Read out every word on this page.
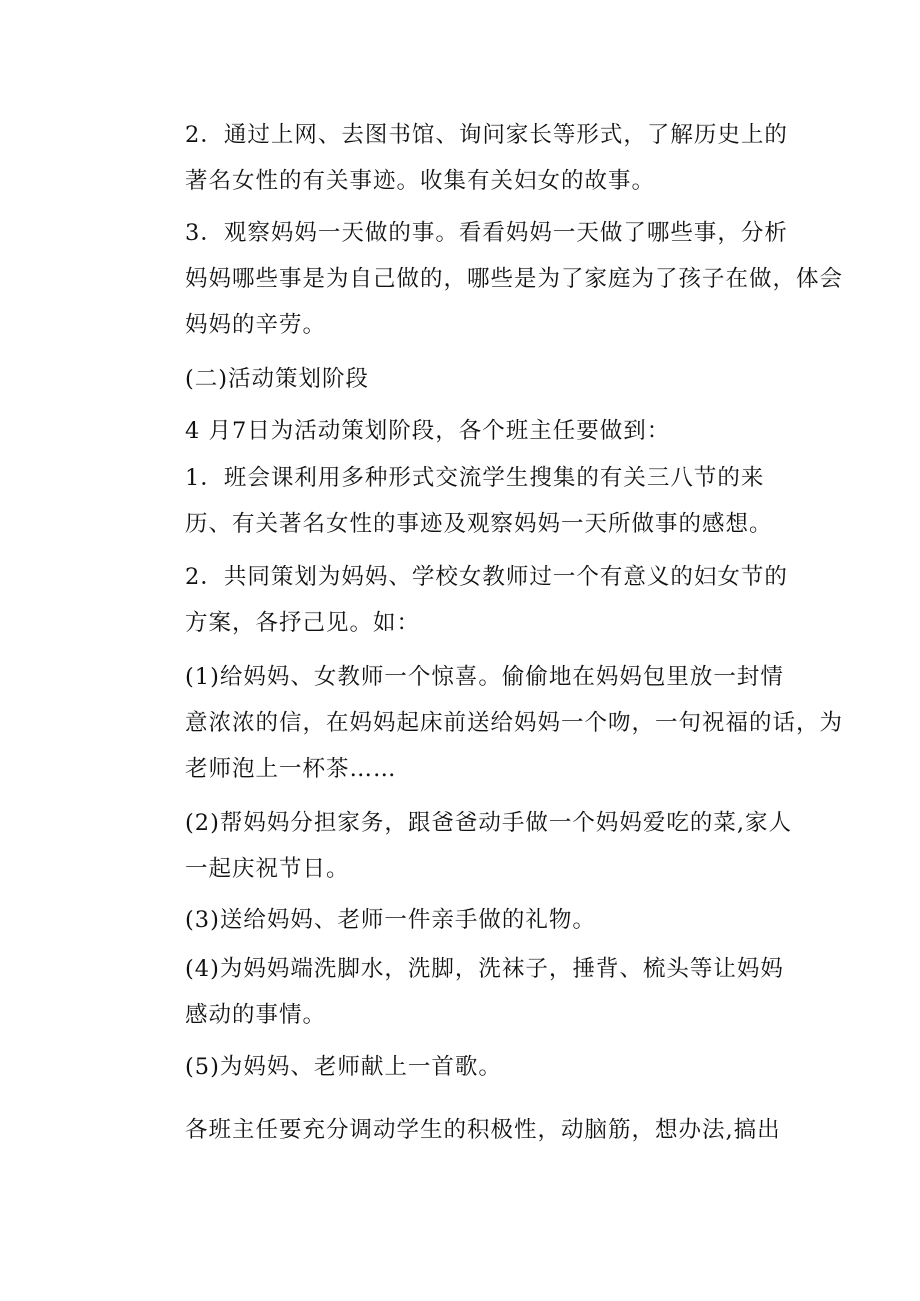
2．通过上网、去图书馆、询问家长等形式，了解历史上的
著名女性的有关事迹。收集有关妇女的故事。

3．观察妈妈一天做的事。看看妈妈一天做了哪些事，分析
妈妈哪些事是为自己做的，哪些是为了家庭为了孩子在做，体会
妈妈的辛劳。

(二)活动策划阶段

4 月7日为活动策划阶段，各个班主任要做到：

1．班会课利用多种形式交流学生搜集的有关三八节的来
历、有关著名女性的事迹及观察妈妈一天所做事的感想。

2．共同策划为妈妈、学校女教师过一个有意义的妇女节的
方案，各抒己见。如：

(1)给妈妈、女教师一个惊喜。偷偷地在妈妈包里放一封情
意浓浓的信，在妈妈起床前送给妈妈一个吻，一句祝福的话，为
老师泡上一杯茶……

(2)帮妈妈分担家务，跟爸爸动手做一个妈妈爱吃的菜,家人
一起庆祝节日。

(3)送给妈妈、老师一件亲手做的礼物。

(4)为妈妈端洗脚水，洗脚，洗袜子，捶背、梳头等让妈妈
感动的事情。

(5)为妈妈、老师献上一首歌。

各班主任要充分调动学生的积极性，动脑筋，想办法,搞出
